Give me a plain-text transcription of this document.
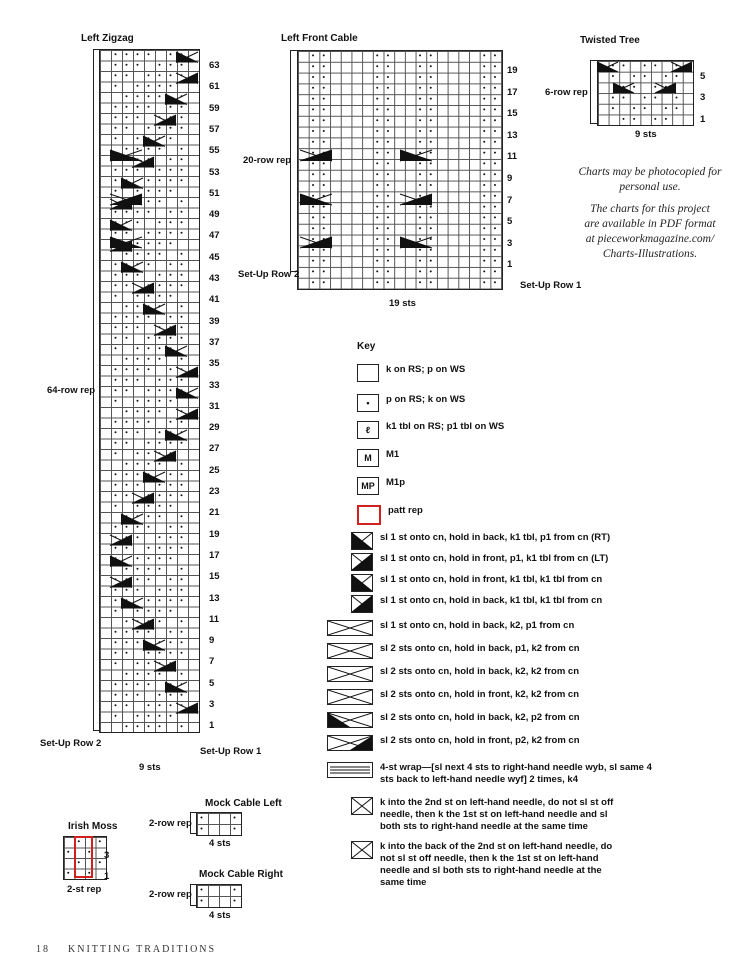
Left Zigzag
63
61
59
57
55
53
51
49
47
45
43
41
39
37
35
33
31
29
27
25
23
21
19
17
15
13
11
9
7
5
3
1
64-row rep
Set-Up Row 2
Set-Up Row 1
9 sts
Left Front Cable
19
17
15
13
11
9
7
5
3
1
20-row rep
Set-Up Row 2
Set-Up Row 1
19 sts
Twisted Tree
5
3
1
6-row rep
9 sts
Charts may be photocopied for
personal use.
The charts for this project
are available in PDF format
at pieceworkmagazine.com/
Charts-Illustrations.
Key
k on RS; p on WS
•	p on RS; k on WS
ℓ	k1 tbl on RS; p1 tbl on WS
M	M1
MP	M1p
patt rep
sl 1 st onto cn, hold in back, k1 tbl, p1 from cn (RT)
sl 1 st onto cn, hold in front, p1, k1 tbl from cn (LT)
sl 1 st onto cn, hold in front, k1 tbl, k1 tbl from cn
sl 1 st onto cn, hold in back, k1 tbl, k1 tbl from cn
sl 1 st onto cn, hold in back, k2, p1 from cn
sl 2 sts onto cn, hold in back, p1, k2 from cn
sl 2 sts onto cn, hold in back, k2, k2 from cn
sl 2 sts onto cn, hold in front, k2, k2 from cn
sl 2 sts onto cn, hold in back, k2, p2 from cn
sl 2 sts onto cn, hold in front, p2, k2 from cn
4-st wrap—[sl next 4 sts to right-hand needle wyb, sl same 4 sts back to left-hand needle wyf] 2 times, k4
k into the 2nd st on left-hand needle, do not sl st off needle, then k the 1st st on left-hand needle and sl both sts to right-hand needle at the same time
k into the back of the 2nd st on left-hand needle, do not sl st off needle, then k the 1st st on left-hand needle and sl both sts to right-hand needle at the same time
Irish Moss
3
1
2-st rep
Mock Cable Left
2-row rep
4 sts
Mock Cable Right
2-row rep
4 sts
18 KNITTING TRADITIONS
